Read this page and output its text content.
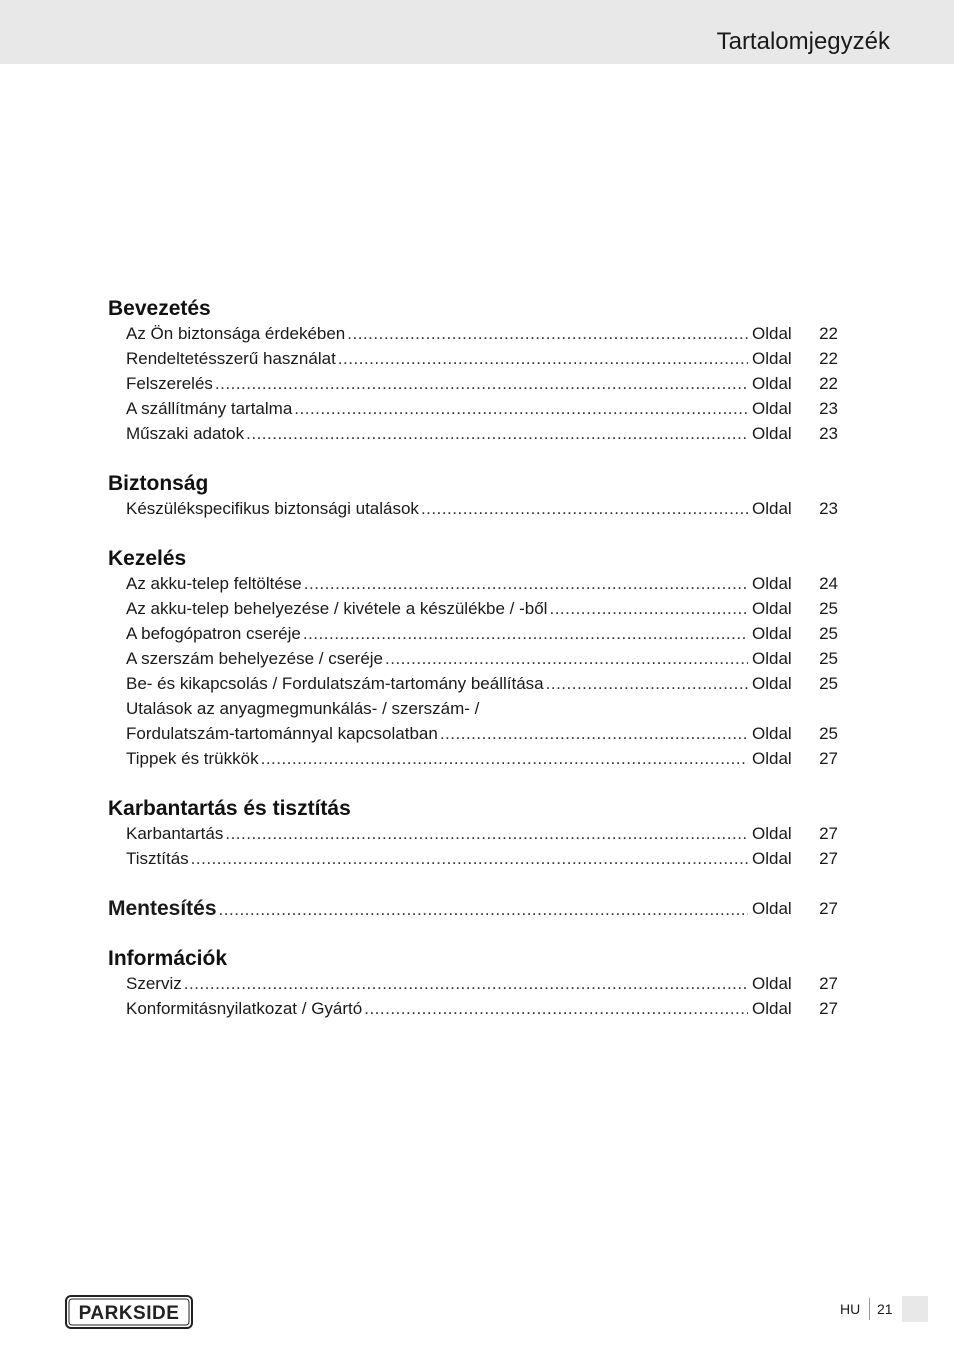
Tartalomjegyzék
Bevezetés
Az Ön biztonsága érdekében .....	Oldal 22
Rendeltetésszerű használat .....	Oldal 22
Felszerelés .....	Oldal 22
A szállítmány tartalma .....	Oldal 23
Műszaki adatok .....	Oldal 23
Biztonság
Készülékspecifikus biztonsági utalások .....	Oldal 23
Kezelés
Az akku-telep feltöltése .....	Oldal 24
Az akku-telep behelyezése / kivétele a készülékbe / -ből .....	Oldal 25
A befogópatron cseréje .....	Oldal 25
A szerszám behelyezése / cseréje .....	Oldal 25
Be- és kikapcsolás / Fordulatszám-tartomány beállítása .....	Oldal 25
Utalások az anyagmegmunkálás- / szerszám- /
Fordulatszám-tartománnyal kapcsolatban .....	Oldal 25
Tippek és trükkök .....	Oldal 27
Karbantartás és tisztítás
Karbantartás .....	Oldal 27
Tisztítás .....	Oldal 27
Mentesítés .....	Oldal 27
Információk
Szerviz .....	Oldal 27
Konformitásnyilatkozat / Gyártó .....	Oldal 27
PARKSIDE	HU 21
